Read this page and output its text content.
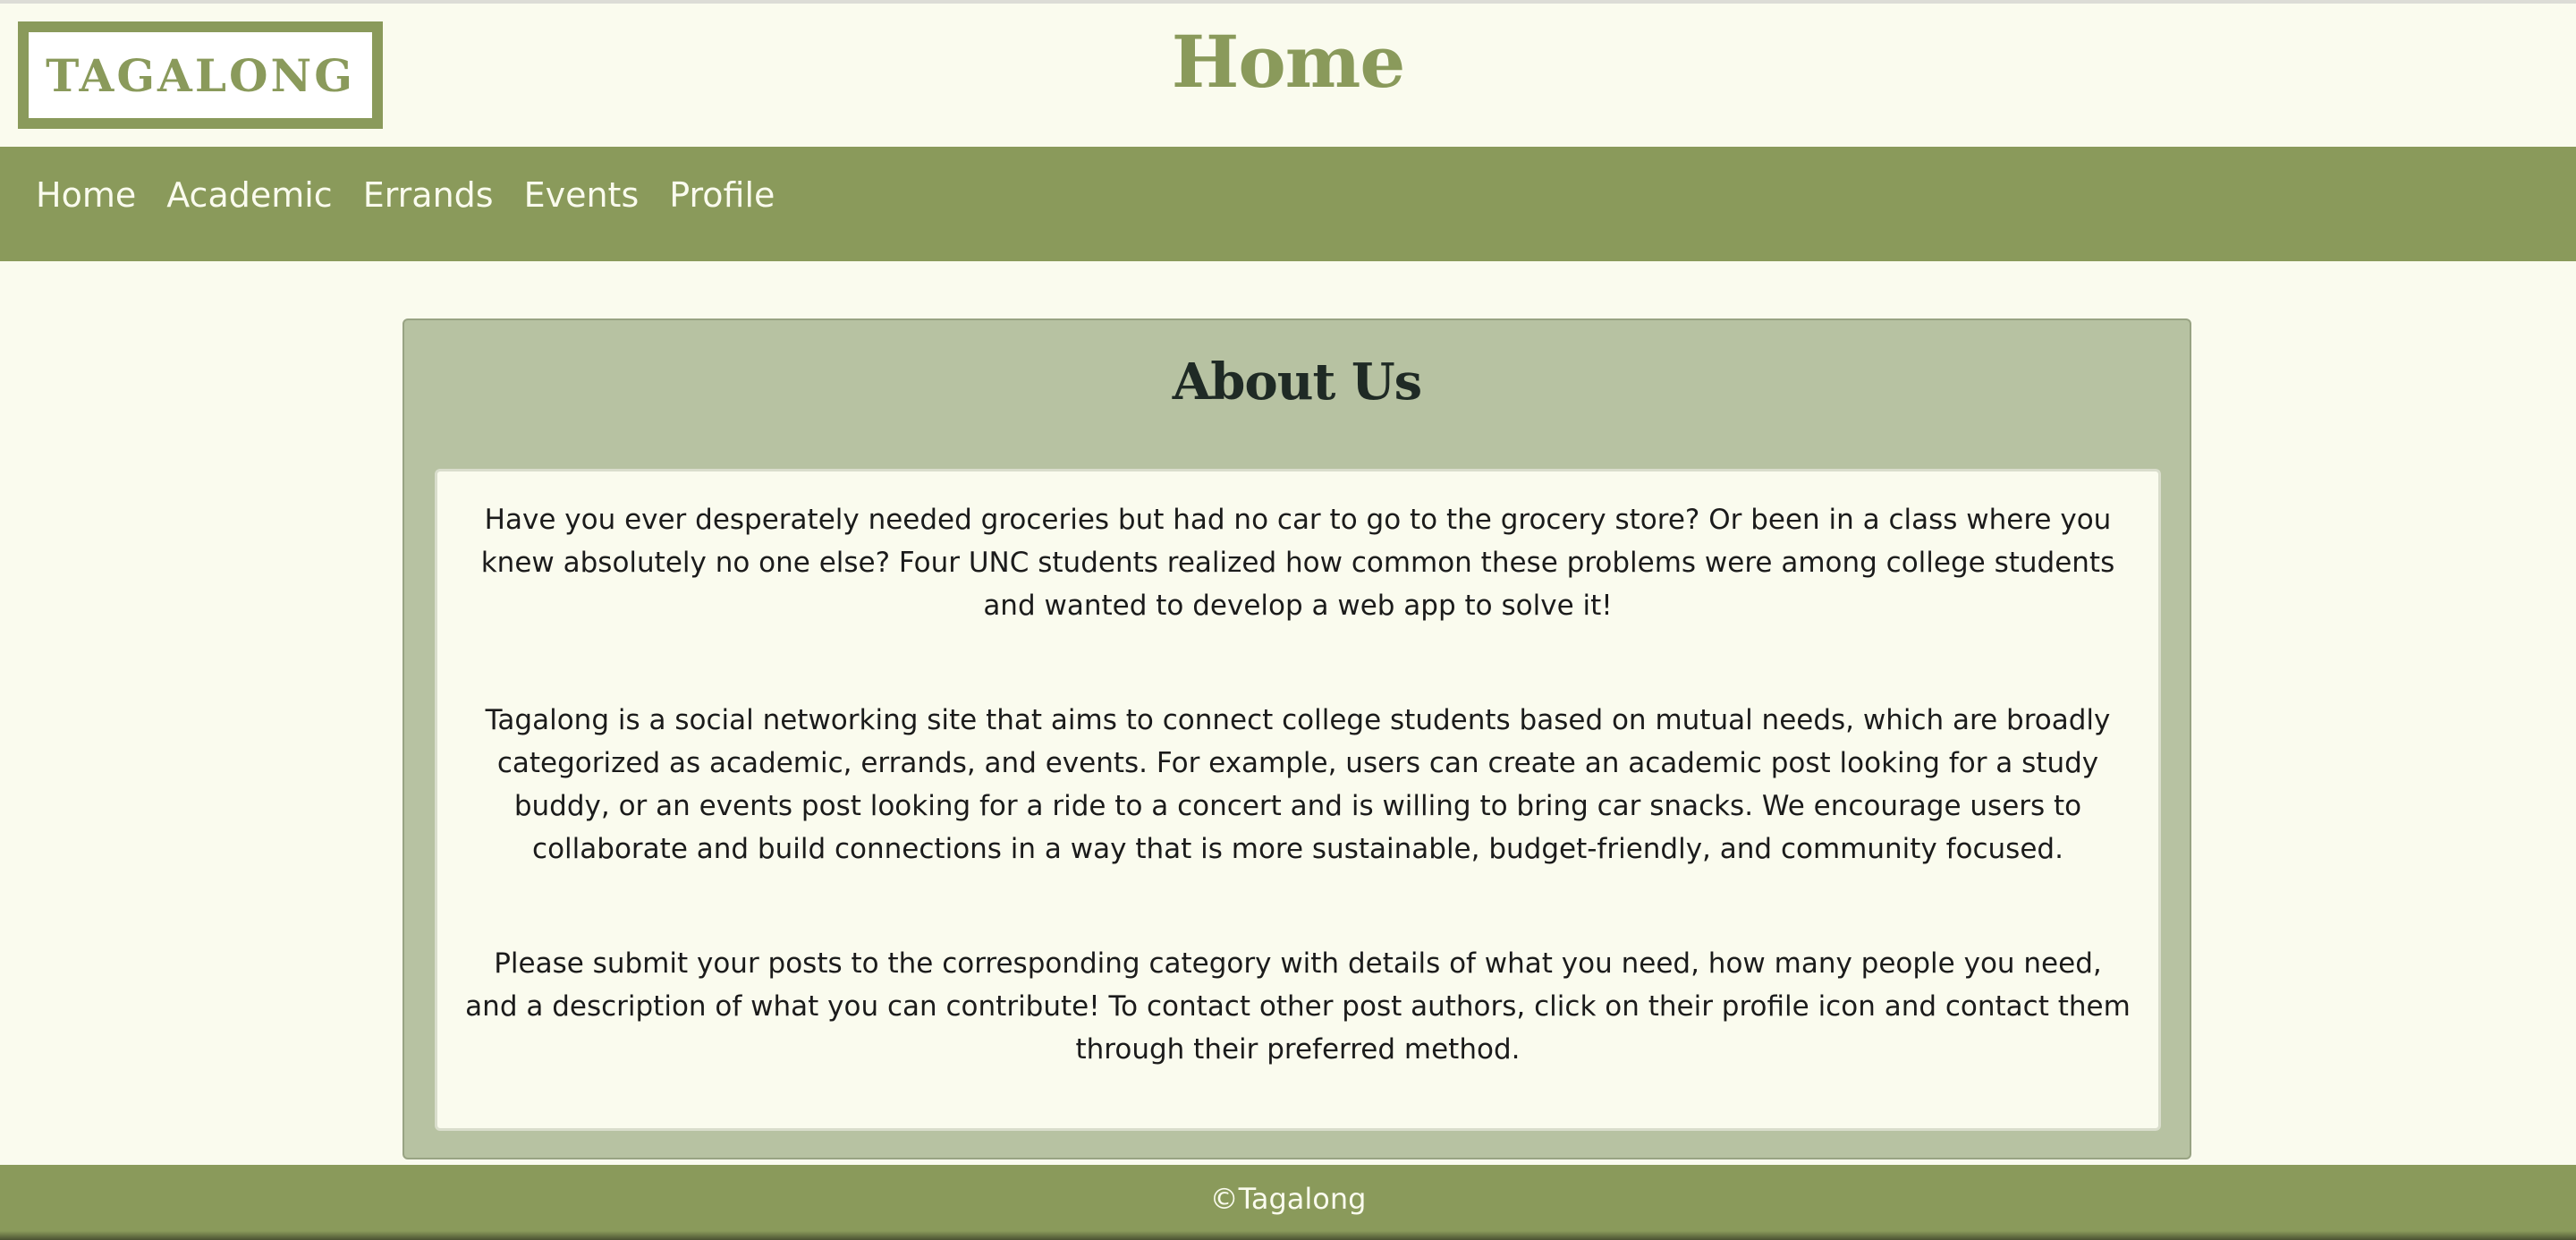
TAGALONG	Home
Home Academic Errands Events Profile
About Us

Have you ever desperately needed groceries but had no car to go to the grocery store? Or been in a class where you knew absolutely no one else? Four UNC students realized how common these problems were among college students and wanted to develop a web app to solve it!

Tagalong is a social networking site that aims to connect college students based on mutual needs, which are broadly categorized as academic, errands, and events. For example, users can create an academic post looking for a study buddy, or an events post looking for a ride to a concert and is willing to bring car snacks. We encourage users to collaborate and build connections in a way that is more sustainable, budget-friendly, and community focused.

Please submit your posts to the corresponding category with details of what you need, how many people you need, and a description of what you can contribute! To contact other post authors, click on their profile icon and contact them through their preferred method.

©Tagalong
